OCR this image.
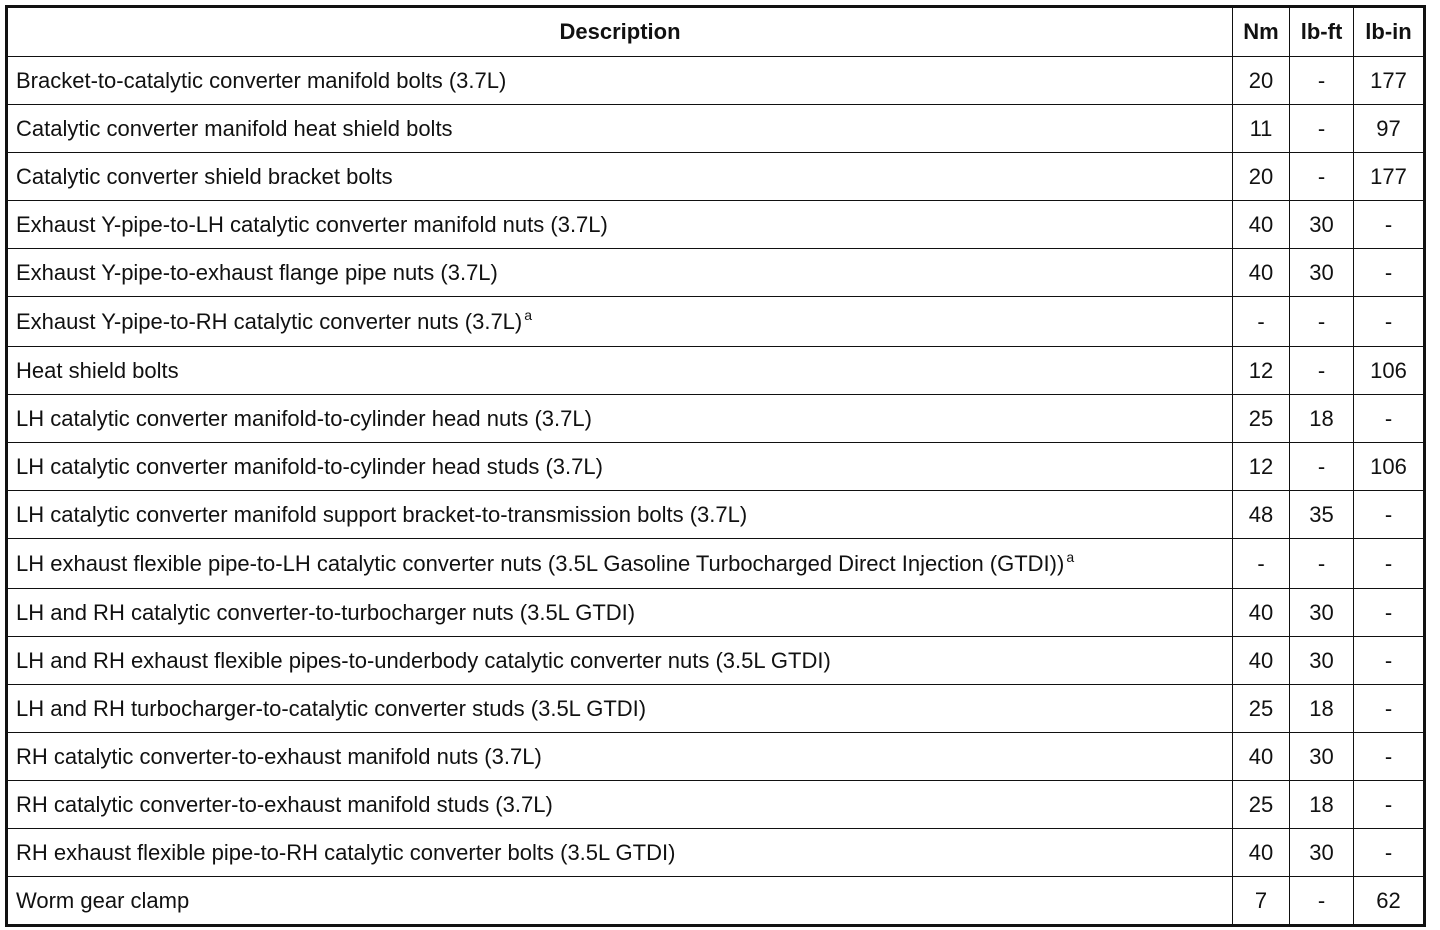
Description	Nm	lb-ft	lb-in
Bracket-to-catalytic converter manifold bolts (3.7L)	20	-	177
Catalytic converter manifold heat shield bolts	11	-	97
Catalytic converter shield bracket bolts	20	-	177
Exhaust Y-pipe-to-LH catalytic converter manifold nuts (3.7L)	40	30	-
Exhaust Y-pipe-to-exhaust flange pipe nuts (3.7L)	40	30	-
Exhaust Y-pipe-to-RH catalytic converter nuts (3.7L) $^a$	-	-	-
Heat shield bolts	12	-	106
LH catalytic converter manifold-to-cylinder head nuts (3.7L)	25	18	-
LH catalytic converter manifold-to-cylinder head studs (3.7L)	12	-	106
LH catalytic converter manifold support bracket-to-transmission bolts (3.7L)	48	35	-
LH exhaust flexible pipe-to-LH catalytic converter nuts (3.5L Gasoline Turbocharged Direct Injection (GTDI)) $^a$	-	-	-
LH and RH catalytic converter-to-turbocharger nuts (3.5L GTDI)	40	30	-
LH and RH exhaust flexible pipes-to-underbody catalytic converter nuts (3.5L GTDI)	40	30	-
LH and RH turbocharger-to-catalytic converter studs (3.5L GTDI)	25	18	-
RH catalytic converter-to-exhaust manifold nuts (3.7L)	40	30	-
RH catalytic converter-to-exhaust manifold studs (3.7L)	25	18	-
RH exhaust flexible pipe-to-RH catalytic converter bolts (3.5L GTDI)	40	30	-
Worm gear clamp	7	-	62
